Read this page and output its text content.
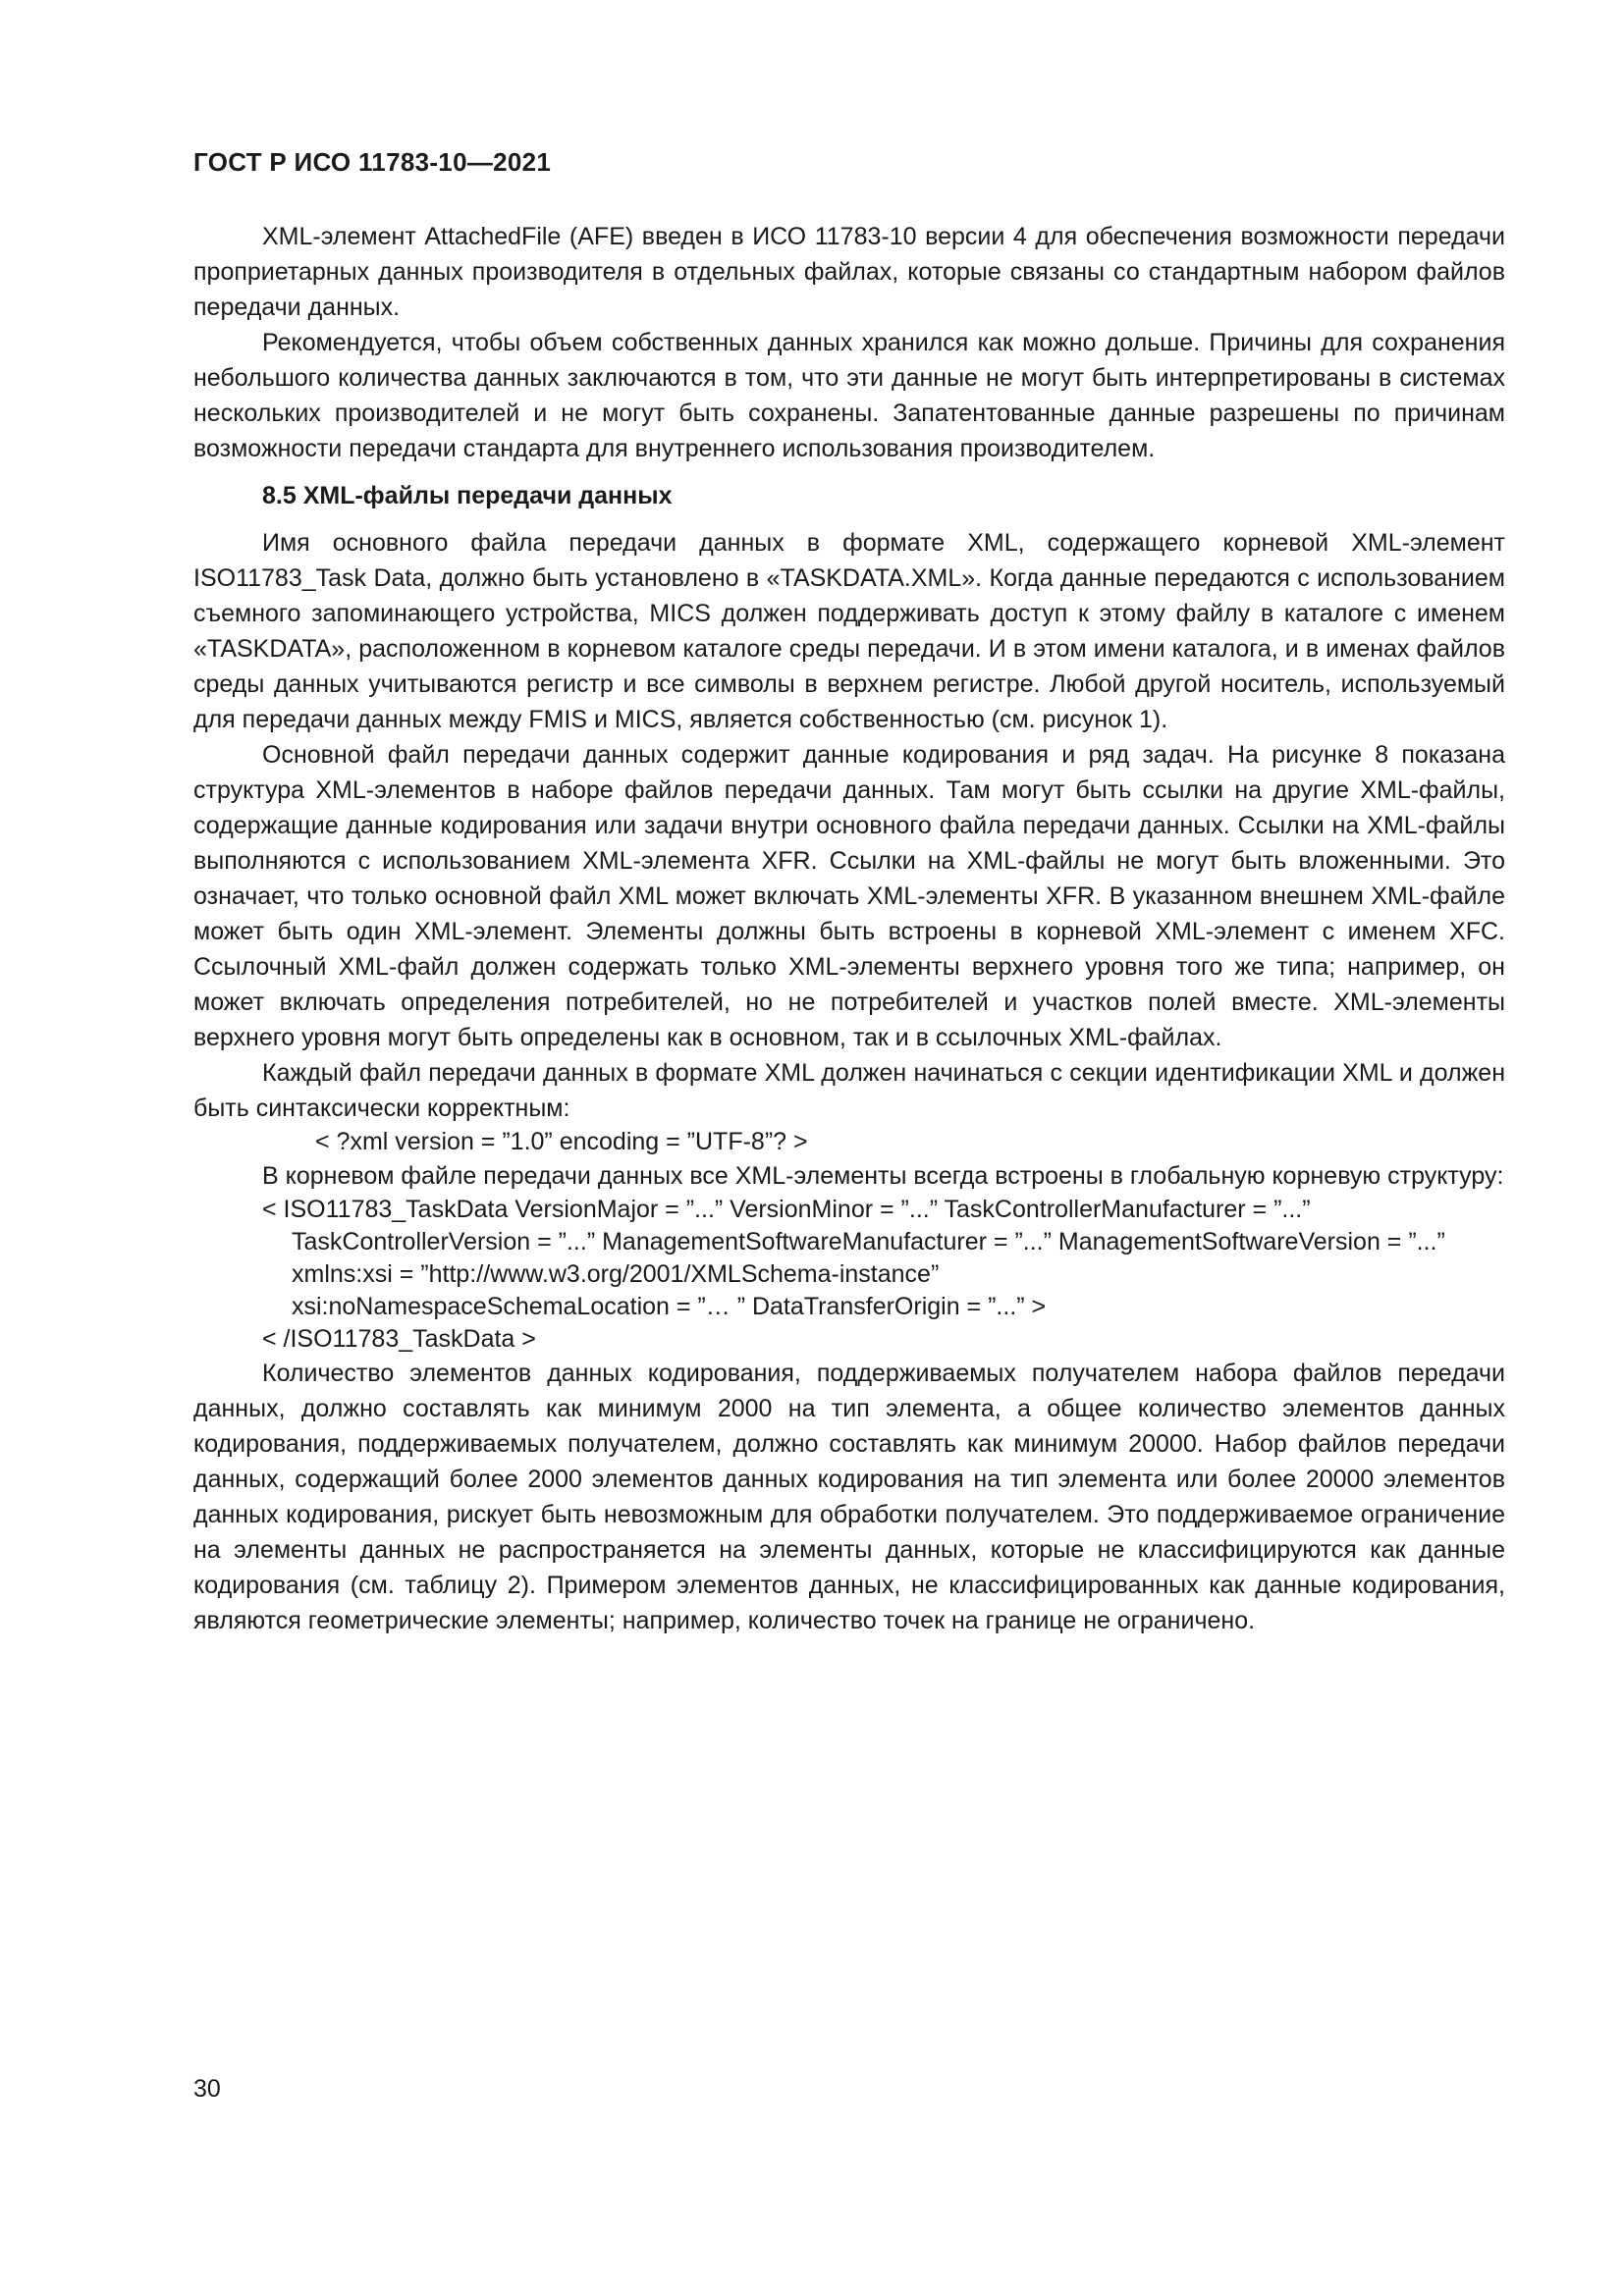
ГОСТ Р ИСО 11783-10—2021

XML-элемент AttachedFile (AFE) введен в ИСО 11783-10 версии 4 для обеспечения возможности передачи проприетарных данных производителя в отдельных файлах, которые связаны со стандартным набором файлов передачи данных.

Рекомендуется, чтобы объем собственных данных хранился как можно дольше. Причины для сохранения небольшого количества данных заключаются в том, что эти данные не могут быть интерпретированы в системах нескольких производителей и не могут быть сохранены. Запатентованные данные разрешены по причинам возможности передачи стандарта для внутреннего использования производителем.

8.5 XML-файлы передачи данных

Имя основного файла передачи данных в формате XML, содержащего корневой XML-элемент ISO11783_Task Data, должно быть установлено в «TASKDATA.XML». Когда данные передаются с использованием съемного запоминающего устройства, MICS должен поддерживать доступ к этому файлу в каталоге с именем «TASKDATA», расположенном в корневом каталоге среды передачи. И в этом имени каталога, и в именах файлов среды данных учитываются регистр и все символы в верхнем регистре. Любой другой носитель, используемый для передачи данных между FMIS и MICS, является собственностью (см. рисунок 1).

Основной файл передачи данных содержит данные кодирования и ряд задач. На рисунке 8 показана структура XML-элементов в наборе файлов передачи данных. Там могут быть ссылки на другие XML-файлы, содержащие данные кодирования или задачи внутри основного файла передачи данных. Ссылки на XML-файлы выполняются с использованием XML-элемента XFR. Ссылки на XML-файлы не могут быть вложенными. Это означает, что только основной файл XML может включать XML-элементы XFR. В указанном внешнем XML-файле может быть один XML-элемент. Элементы должны быть встроены в корневой XML-элемент с именем XFC. Ссылочный XML-файл должен содержать только XML-элементы верхнего уровня того же типа; например, он может включать определения потребителей, но не потребителей и участков полей вместе. XML-элементы верхнего уровня могут быть определены как в основном, так и в ссылочных XML-файлах.

Каждый файл передачи данных в формате XML должен начинаться с секции идентификации XML и должен быть синтаксически корректным:

< ?xml version = ”1.0” encoding = ”UTF-8”? >

В корневом файле передачи данных все XML-элементы всегда встроены в глобальную корневую структуру:

< ISO11783_TaskData VersionMajor = ”...” VersionMinor = ”...” TaskControllerManufacturer = ”...”
TaskControllerVersion = ”...” ManagementSoftwareManufacturer = ”...” ManagementSoftwareVersion = ”...”
xmlns:xsi = ”http://www.w3.org/2001/XMLSchema-instance”
xsi:noNamespaceSchemaLocation = ”… ” DataTransferOrigin = ”...” >
< /ISO11783_TaskData >

Количество элементов данных кодирования, поддерживаемых получателем набора файлов передачи данных, должно составлять как минимум 2000 на тип элемента, а общее количество элементов данных кодирования, поддерживаемых получателем, должно составлять как минимум 20000. Набор файлов передачи данных, содержащий более 2000 элементов данных кодирования на тип элемента или более 20000 элементов данных кодирования, рискует быть невозможным для обработки получателем. Это поддерживаемое ограничение на элементы данных не распространяется на элементы данных, которые не классифицируются как данные кодирования (см. таблицу 2). Примером элементов данных, не классифицированных как данные кодирования, являются геометрические элементы; например, количество точек на границе не ограничено.

30
